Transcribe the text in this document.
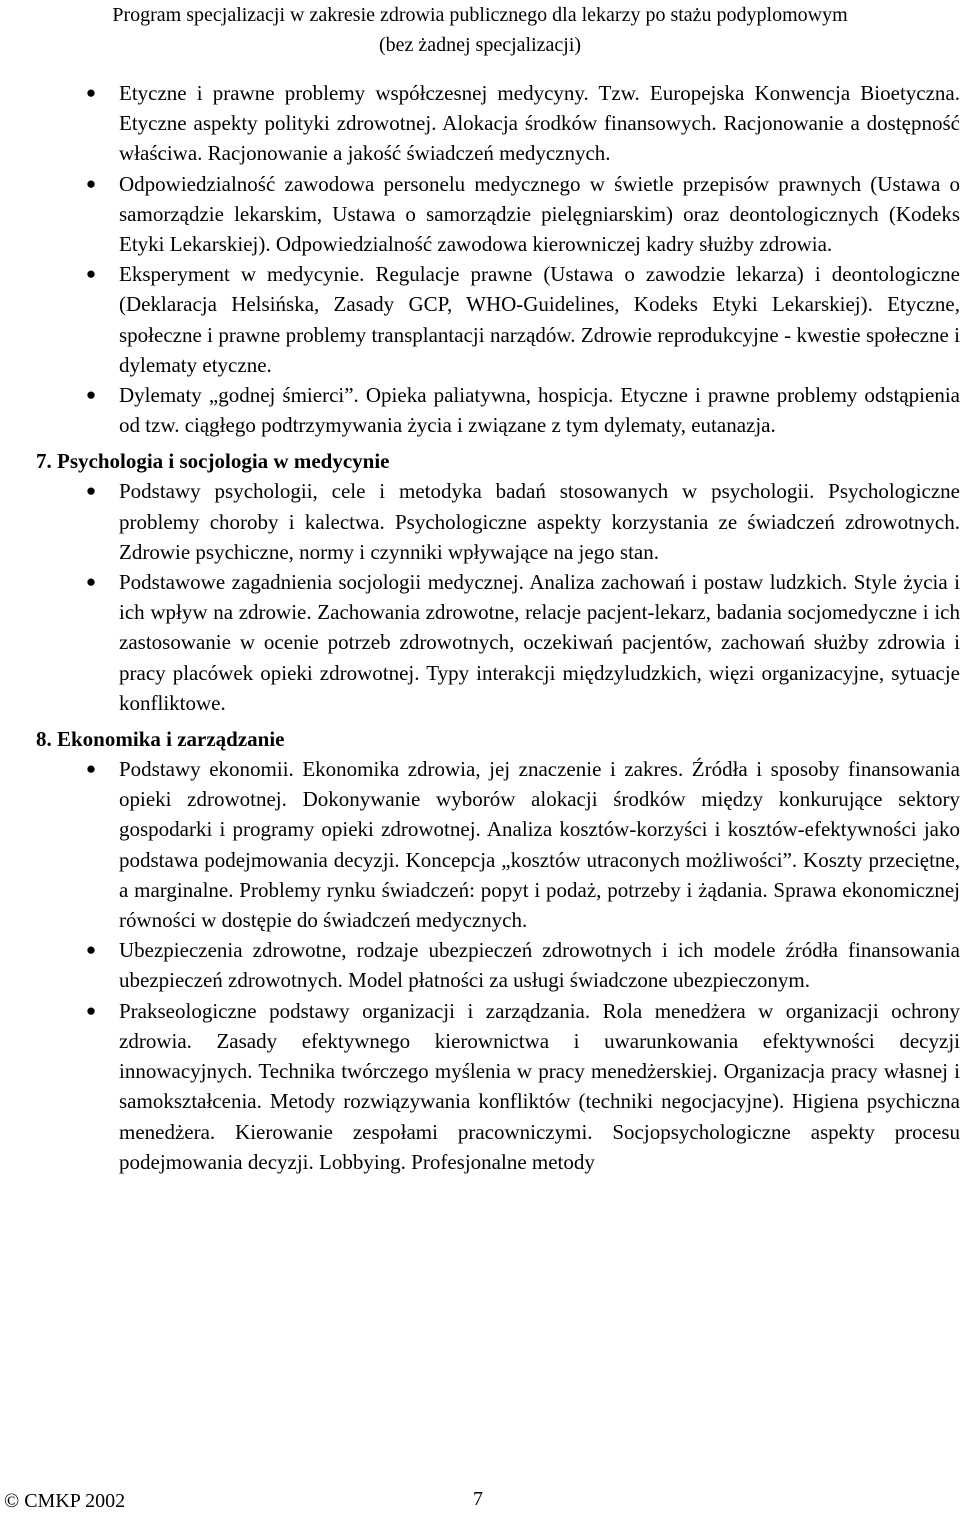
Program specjalizacji w zakresie zdrowia publicznego dla lekarzy po stażu podyplomowym
(bez żadnej specjalizacji)
● Etyczne i prawne problemy współczesnej medycyny. Tzw. Europejska Konwencja Bioetyczna. Etyczne aspekty polityki zdrowotnej. Alokacja środków finansowych. Racjonowanie a dostępność właściwa. Racjonowanie a jakość świadczeń medycznych.
● Odpowiedzialność zawodowa personelu medycznego w świetle przepisów prawnych (Ustawa o samorządzie lekarskim, Ustawa o samorządzie pielęgniarskim) oraz deontologicznych (Kodeks Etyki Lekarskiej). Odpowiedzialność zawodowa kierowniczej kadry służby zdrowia.
● Eksperyment w medycynie. Regulacje prawne (Ustawa o zawodzie lekarza) i deontologiczne (Deklaracja Helsińska, Zasady GCP, WHO-Guidelines, Kodeks Etyki Lekarskiej). Etyczne, społeczne i prawne problemy transplantacji narządów. Zdrowie reprodukcyjne - kwestie społeczne i dylematy etyczne.
● Dylematy „godnej śmierci”. Opieka paliatywna, hospicja. Etyczne i prawne problemy odstąpienia od tzw. ciągłego podtrzymywania życia i związane z tym dylematy, eutanazja.
7. Psychologia i socjologia w medycynie
● Podstawy psychologii, cele i metodyka badań stosowanych w psychologii. Psychologiczne problemy choroby i kalectwa. Psychologiczne aspekty korzystania ze świadczeń zdrowotnych. Zdrowie psychiczne, normy i czynniki wpływające na jego stan.
● Podstawowe zagadnienia socjologii medycznej. Analiza zachowań i postaw ludzkich. Style życia i ich wpływ na zdrowie. Zachowania zdrowotne, relacje pacjent-lekarz, badania socjomedyczne i ich zastosowanie w ocenie potrzeb zdrowotnych, oczekiwań pacjentów, zachowań służby zdrowia i pracy placówek opieki zdrowotnej. Typy interakcji międzyludzkich, więzi organizacyjne, sytuacje konfliktowe.
8. Ekonomika i zarządzanie
● Podstawy ekonomii. Ekonomika zdrowia, jej znaczenie i zakres. Źródła i sposoby finansowania opieki zdrowotnej. Dokonywanie wyborów alokacji środków między konkurujące sektory gospodarki i programy opieki zdrowotnej. Analiza kosztów-korzyści i kosztów-efektywności jako podstawa podejmowania decyzji. Koncepcja „kosztów utraconych możliwości”. Koszty przeciętne, a marginalne. Problemy rynku świadczeń: popyt i podaż, potrzeby i żądania. Sprawa ekonomicznej równości w dostępie do świadczeń medycznych.
● Ubezpieczenia zdrowotne, rodzaje ubezpieczeń zdrowotnych i ich modele źródła finansowania ubezpieczeń zdrowotnych. Model płatności za usługi świadczone ubezpieczonym.
● Prakseologiczne podstawy organizacji i zarządzania. Rola menedżera w organizacji ochrony zdrowia. Zasady efektywnego kierownictwa i uwarunkowania efektywności decyzji innowacyjnych. Technika twórczego myślenia w pracy menedżerskiej. Organizacja pracy własnej i samokształcenia. Metody rozwiązywania konfliktów (techniki negocjacyjne). Higiena psychiczna menedżera. Kierowanie zespołami pracowniczymi. Socjopsychologiczne aspekty procesu podejmowania decyzji. Lobbying. Profesjonalne metody
© CMKP 2002	7
